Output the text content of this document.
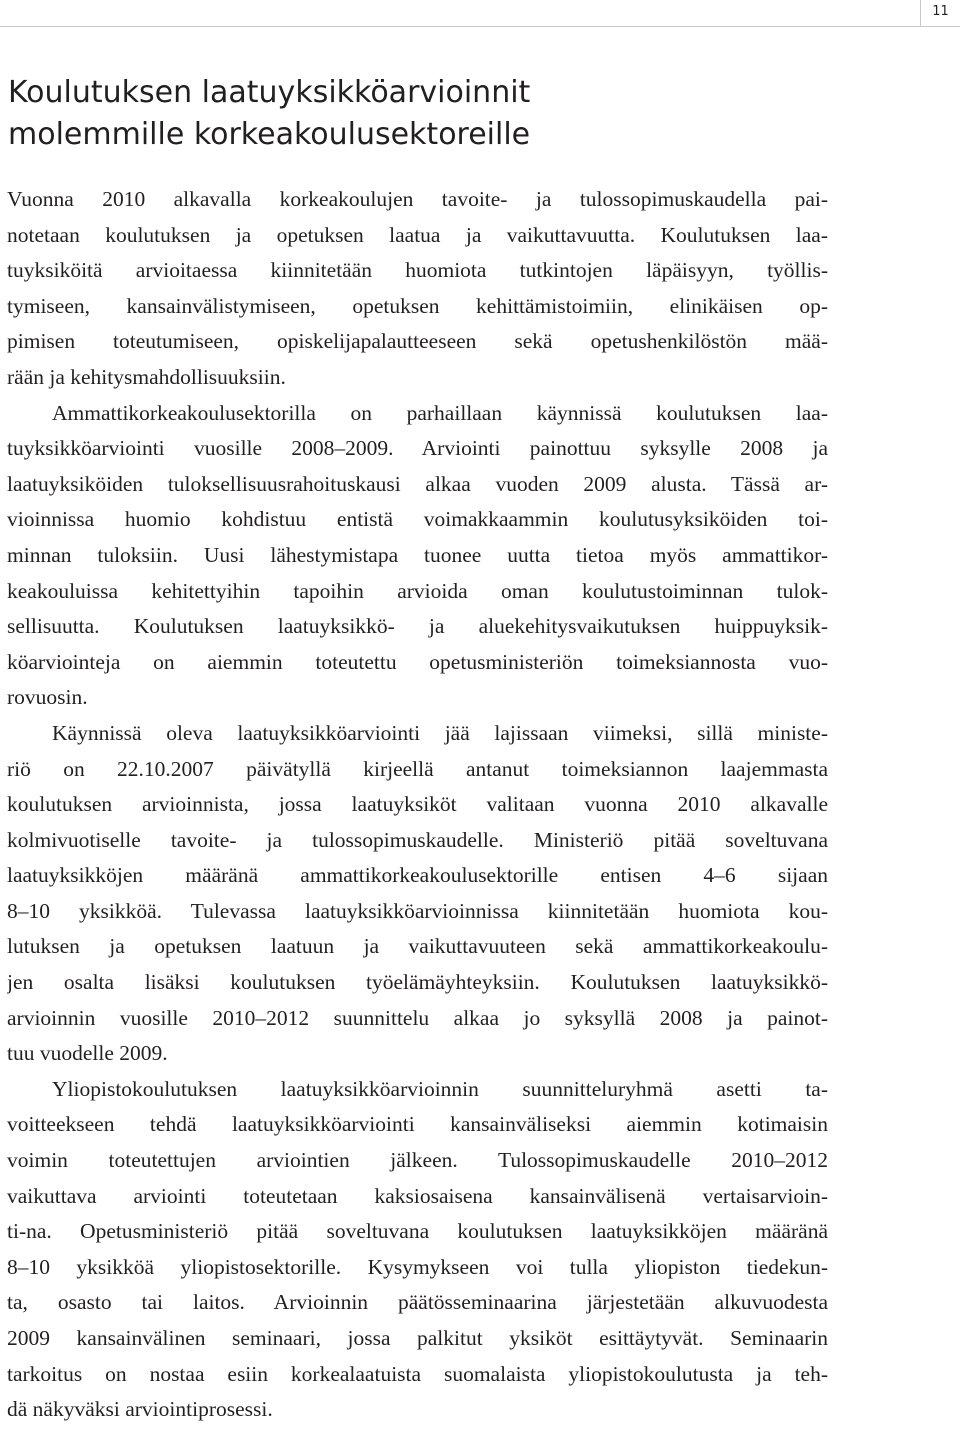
11
Koulutuksen laatuyksikköarvioinnit
molemmille korkeakoulusektoreille
Vuonna 2010 alkavalla korkeakoulujen tavoite- ja tulossopimuskaudella pai-
notetaan koulutuksen ja opetuksen laatua ja vaikuttavuutta. Koulutuksen laa-
tuyksiköitä arvioitaessa kiinnitetään huomiota tutkintojen läpäisyyn, työllis-
tymiseen, kansainvälistymiseen, opetuksen kehittämistoimiin, elinikäisen op-
pimisen toteutumiseen, opiskelijapalautteeseen sekä opetushenkilöstön mää-
rään ja kehitysmahdollisuuksiin.
Ammattikorkeakoulusektorilla on parhaillaan käynnissä koulutuksen laa-
tuyksikköarviointi vuosille 2008–2009. Arviointi painottuu syksylle 2008 ja
laatuyksiköiden tuloksellisuusrahoituskausi alkaa vuoden 2009 alusta. Tässä ar-
vioinnissa huomio kohdistuu entistä voimakkaammin koulutusyksiköiden toi-
minnan tuloksiin. Uusi lähestymistapa tuonee uutta tietoa myös ammattikor-
keakouluissa kehitettyihin tapoihin arvioida oman koulutustoiminnan tulok-
sellisuutta. Koulutuksen laatuyksikkö- ja aluekehitysvaikutuksen huippuyksik-
köarviointeja on aiemmin toteutettu opetusministeriön toimeksiannosta vuo-
rovuosin.
Käynnissä oleva laatuyksikköarviointi jää lajissaan viimeksi, sillä ministe-
riö on 22.10.2007 päivätyllä kirjeellä antanut toimeksiannon laajemmasta
koulutuksen arvioinnista, jossa laatuyksiköt valitaan vuonna 2010 alkavalle
kolmivuotiselle tavoite- ja tulossopimuskaudelle. Ministeriö pitää soveltuvana
laatuyksikköjen määränä ammattikorkeakoulusektorille entisen 4–6 sijaan
8–10 yksikköä. Tulevassa laatuyksikköarvioinnissa kiinnitetään huomiota kou-
lutuksen ja opetuksen laatuun ja vaikuttavuuteen sekä ammattikorkeakoulu-
jen osalta lisäksi koulutuksen työelämäyhteyksiin. Koulutuksen laatuyksikkö-
arvioinnin vuosille 2010–2012 suunnittelu alkaa jo syksyllä 2008 ja painot-
tuu vuodelle 2009.
Yliopistokoulutuksen laatuyksikköarvioinnin suunnitteluryhmä asetti ta-
voitteekseen tehdä laatuyksikköarviointi kansainväliseksi aiemmin kotimaisin
voimin toteutettujen arviointien jälkeen. Tulossopimuskaudelle 2010–2012
vaikuttava arviointi toteutetaan kaksiosaisena kansainvälisenä vertaisarvioin-
ti-na. Opetusministeriö pitää soveltuvana koulutuksen laatuyksikköjen määränä
8–10 yksikköä yliopistosektorille. Kysymykseen voi tulla yliopiston tiedekun-
ta, osasto tai laitos. Arvioinnin päätösseminaarina järjestetään alkuvuodesta
2009 kansainvälinen seminaari, jossa palkitut yksiköt esittäytyvät. Seminaarin
tarkoitus on nostaa esiin korkealaatuista suomalaista yliopistokoulutusta ja teh-
dä näkyväksi arviointiprosessi.
